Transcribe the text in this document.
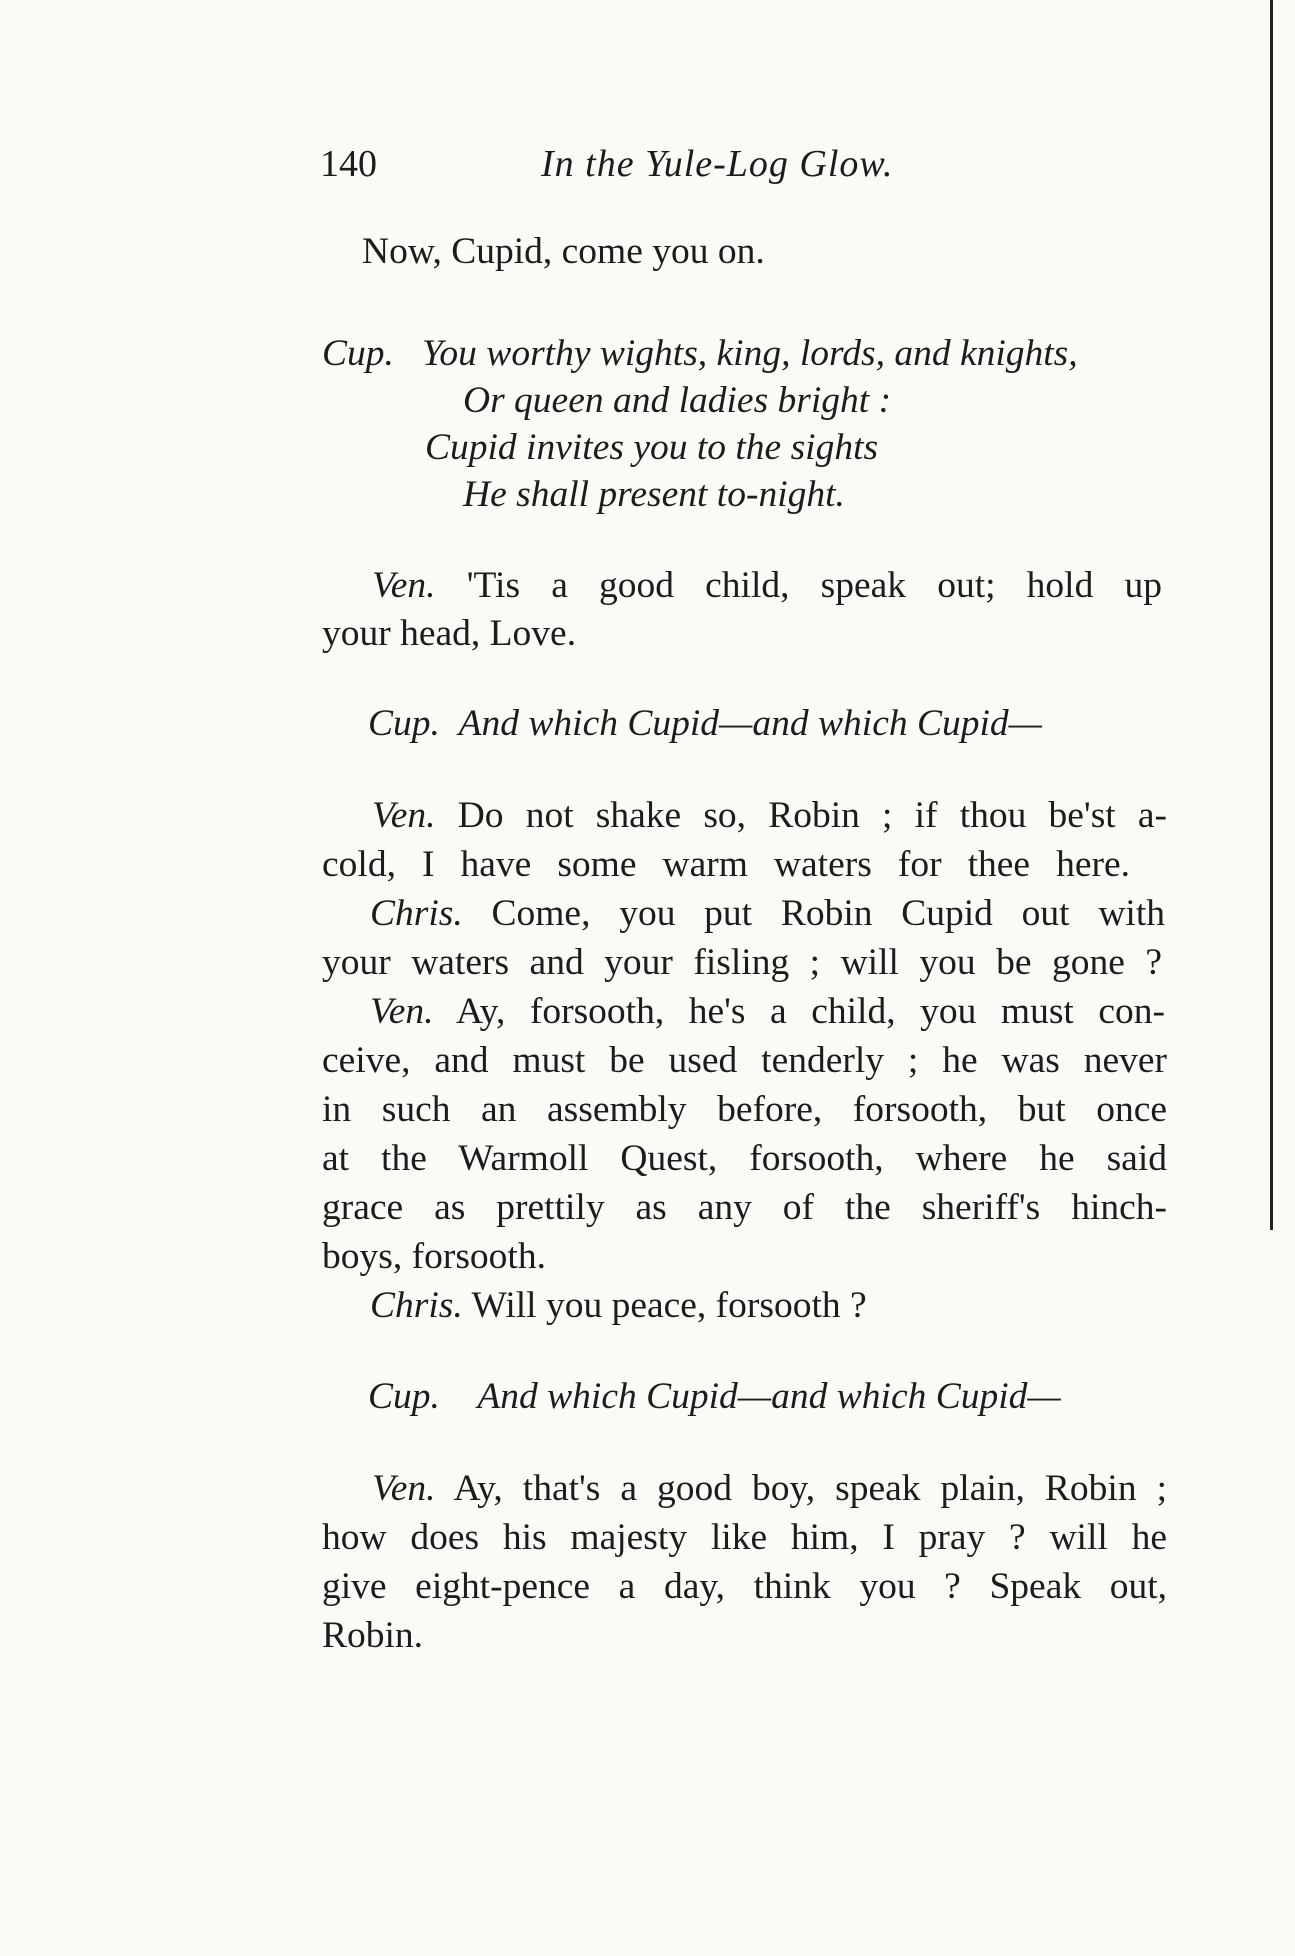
140	In the Yule-Log Glow.
Now, Cupid, come you on.
Cup. You worthy wights, king, lords, and knights,
Or queen and ladies bright :
Cupid invites you to the sights
He shall present to-night.
Ven. 'Tis a good child, speak out; hold up
your head, Love.
Cup. And which Cupid—and which Cupid—
Ven. Do not shake so, Robin ; if thou be'st a-
cold, I have some warm waters for thee here.
Chris. Come, you put Robin Cupid out with
your waters and your fisling ; will you be gone ?
Ven. Ay, forsooth, he's a child, you must con-
ceive, and must be used tenderly ; he was never
in such an assembly before, forsooth, but once
at the Warmoll Quest, forsooth, where he said
grace as prettily as any of the sheriff's hinch-
boys, forsooth.
Chris. Will you peace, forsooth ?
Cup. And which Cupid—and which Cupid—
Ven. Ay, that's a good boy, speak plain, Robin ;
how does his majesty like him, I pray ? will he
give eight-pence a day, think you ? Speak out,
Robin.
